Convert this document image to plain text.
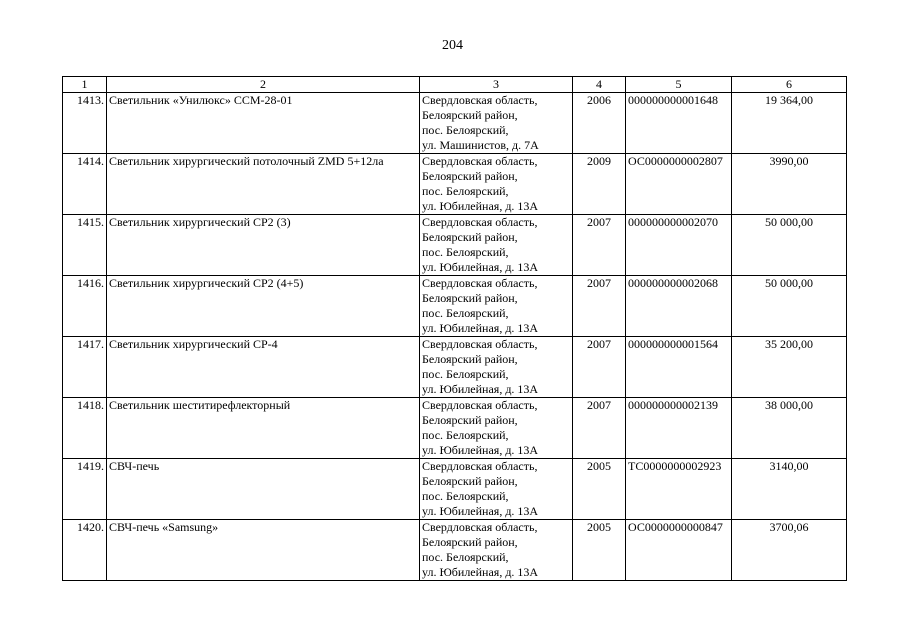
204
1	2	3	4	5	6
1413.	Светильник «Унилюкс» ССМ-28-01	Свердловская область,
Белоярский район,
пос. Белоярский,
ул. Машинистов, д. 7А	2006	000000000001648	19 364,00
1414.	Светильник хирургический потолочный ZMD 5+12ла	Свердловская область,
Белоярский район,
пос. Белоярский,
ул. Юбилейная, д. 13А	2009	ОС0000000002807	3990,00
1415.	Светильник хирургический СР2 (3)	Свердловская область,
Белоярский район,
пос. Белоярский,
ул. Юбилейная, д. 13А	2007	000000000002070	50 000,00
1416.	Светильник хирургический СР2 (4+5)	Свердловская область,
Белоярский район,
пос. Белоярский,
ул. Юбилейная, д. 13А	2007	000000000002068	50 000,00
1417.	Светильник хирургический СР-4	Свердловская область,
Белоярский район,
пос. Белоярский,
ул. Юбилейная, д. 13А	2007	000000000001564	35 200,00
1418.	Светильник шеститирефлекторный	Свердловская область,
Белоярский район,
пос. Белоярский,
ул. Юбилейная, д. 13А	2007	000000000002139	38 000,00
1419.	СВЧ-печь	Свердловская область,
Белоярский район,
пос. Белоярский,
ул. Юбилейная, д. 13А	2005	ТС0000000002923	3140,00
1420.	СВЧ-печь «Samsung»	Свердловская область,
Белоярский район,
пос. Белоярский,
ул. Юбилейная, д. 13А	2005	ОС0000000000847	3700,06
